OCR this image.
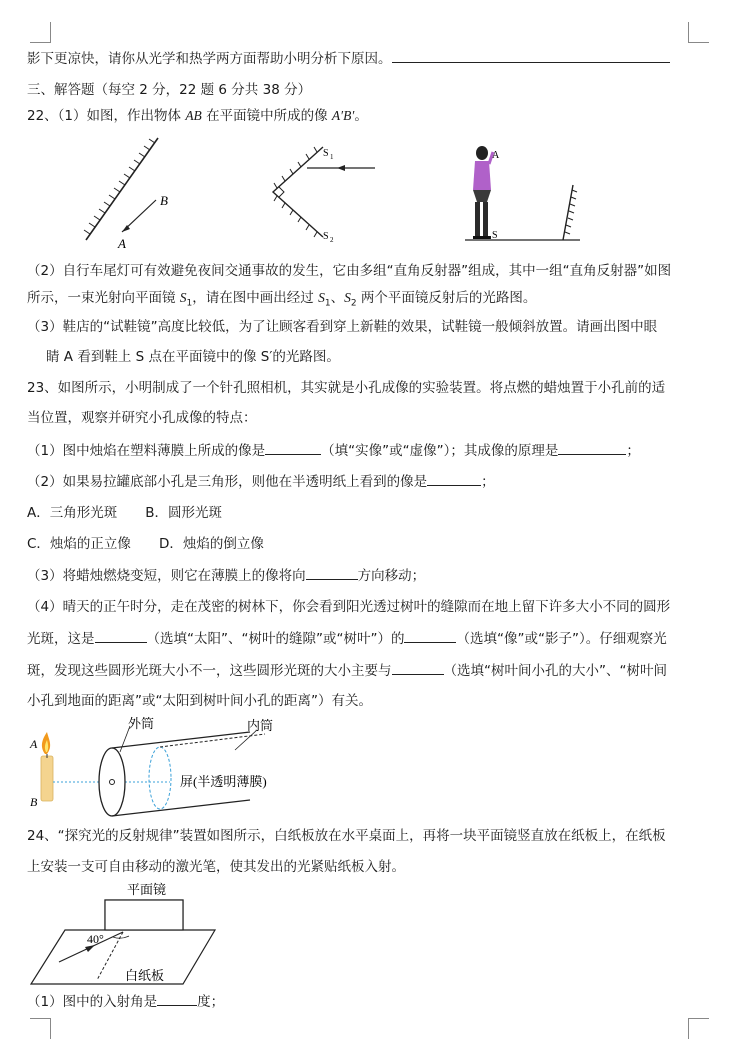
影下更凉快，请你从光学和热学两方面帮助小明分析下原因。
三、解答题（每空 2 分，22 题 6 分共 38 分）
22、（1）如图，作出物体 AB 在平面镜中所成的像 A′B′。
B
A
S 1
S 2
A
S
（2）自行车尾灯可有效避免夜间交通事故的发生，它由多组“直角反射器”组成，其中一组“直角反射器”如图
所示，一束光射向平面镜 $S_1$，请在图中画出经过 $S_1$、$S_2$ 两个平面镜反射后的光路图。
（3）鞋店的“试鞋镜”高度比较低，为了让顾客看到穿上新鞋的效果，试鞋镜一般倾斜放置。请画出图中眼
睛 A 看到鞋上 S 点在平面镜中的像 S′的光路图。
23、如图所示，小明制成了一个针孔照相机，其实就是小孔成像的实验装置。将点燃的蜡烛置于小孔前的适
当位置，观察并研究小孔成像的特点：
（1）图中烛焰在塑料薄膜上所成的像是	（填“实像”或“虚像”）；其成像的原理是	；
（2）如果易拉罐底部小孔是三角形，则他在半透明纸上看到的像是	；
A．三角形光斑 B．圆形光斑
C．烛焰的正立像 D．烛焰的倒立像
（3）将蜡烛燃烧变短，则它在薄膜上的像将向	方向移动；
（4）晴天的正午时分，走在茂密的树林下，你会看到阳光透过树叶的缝隙而在地上留下许多大小不同的圆形
光斑，这是	（选填“太阳”、“树叶的缝隙”或“树叶”）的	（选填“像”或“影子”）。仔细观察光
斑，发现这些圆形光斑大小不一，这些圆形光斑的大小主要与	（选填“树叶间小孔的大小”、“树叶间
小孔到地面的距离”或“太阳到树叶间小孔的距离”）有关。
A
B
外筒	内筒
屏(半透明薄膜)
24、“探究光的反射规律”装置如图所示，白纸板放在水平桌面上，再将一块平面镜竖直放在纸板上，在纸板
上安装一支可自由移动的激光笔，使其发出的光紧贴纸板入射。
平面镜
40°
白纸板
（1）图中的入射角是	度；
